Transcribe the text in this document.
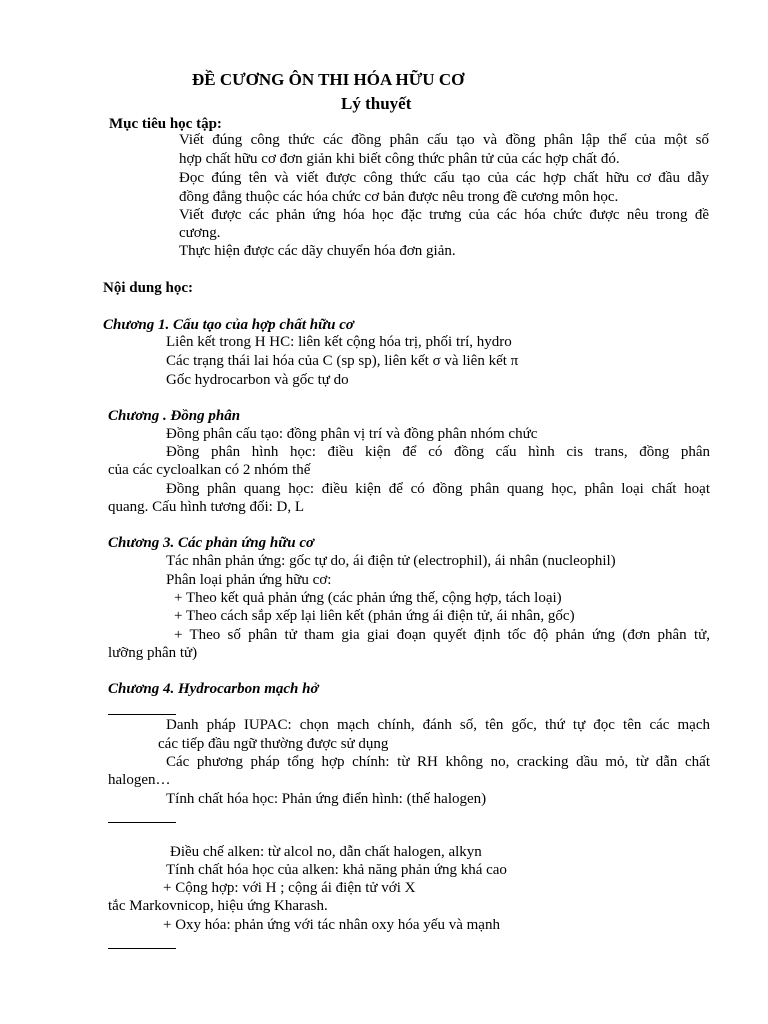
ĐỀ CƯƠNG ÔN THI HÓA HỮU CƠ
Lý thuyết
Mục tiêu học tập:
Viết đúng công thức các đồng phân cấu tạo và đồng phân lập thể của một số
hợp chất hữu cơ đơn giản khi biết công thức phân tử của các hợp chất đó.
Đọc đúng tên và viết được công thức cấu tạo của các hợp chất hữu cơ đầu dẫy
đồng đẳng thuộc các hóa chức cơ bản được nêu trong đề cương môn học.
Viết được các phản ứng hóa học đặc trưng của các hóa chức được nêu trong đề
cương.
Thực hiện được các dãy chuyển hóa đơn giản.
Nội dung học:
Chương 1. Cấu tạo của hợp chất hữu cơ
Liên kết trong H HC: liên kết cộng hóa trị, phối trí, hydro
Các trạng thái lai hóa của C (sp sp), liên kết σ và liên kết π
Gốc hydrocarbon và gốc tự do
Chương . Đồng phân
Đồng phân cấu tạo: đồng phân vị trí và đồng phân nhóm chức
Đồng phân hình học: điều kiện để có đồng cấu hình cis trans, đồng phân
của các cycloalkan có 2 nhóm thế
Đồng phân quang học: điều kiện để có đồng phân quang học, phân loại chất hoạt
quang. Cấu hình tương đối: D, L
Chương 3. Các phản ứng hữu cơ
Tác nhân phản ứng: gốc tự do, ái điện tử (electrophil), ái nhân (nucleophil)
Phân loại phản ứng hữu cơ:
+ Theo kết quả phản ứng (các phản ứng thế, cộng hợp, tách loại)
+ Theo cách sắp xếp lại liên kết (phản ứng ái điện tử, ái nhân, gốc)
+ Theo số phân tử tham gia giai đoạn quyết định tốc độ phản ứng (đơn phân tử,
lưỡng phân tử)
Chương 4. Hydrocarbon mạch hở
Danh pháp IUPAC: chọn mạch chính, đánh số, tên gốc, thứ tự đọc tên các mạch
các tiếp đầu ngữ thường được sử dụng
Các phương pháp tổng hợp chính: từ RH không no, cracking dầu mỏ, từ dẫn chất
halogen…
Tính chất hóa học: Phản ứng điển hình: (thế halogen)
Điều chế alken: từ alcol no, dẫn chất halogen, alkyn
Tính chất hóa học của alken: khả năng phản ứng khá cao
+ Cộng hợp: với H ; cộng ái điện tử với X
tắc Markovnicop, hiệu ứng Kharash.
+ Oxy hóa: phản ứng với tác nhân oxy hóa yếu và mạnh
